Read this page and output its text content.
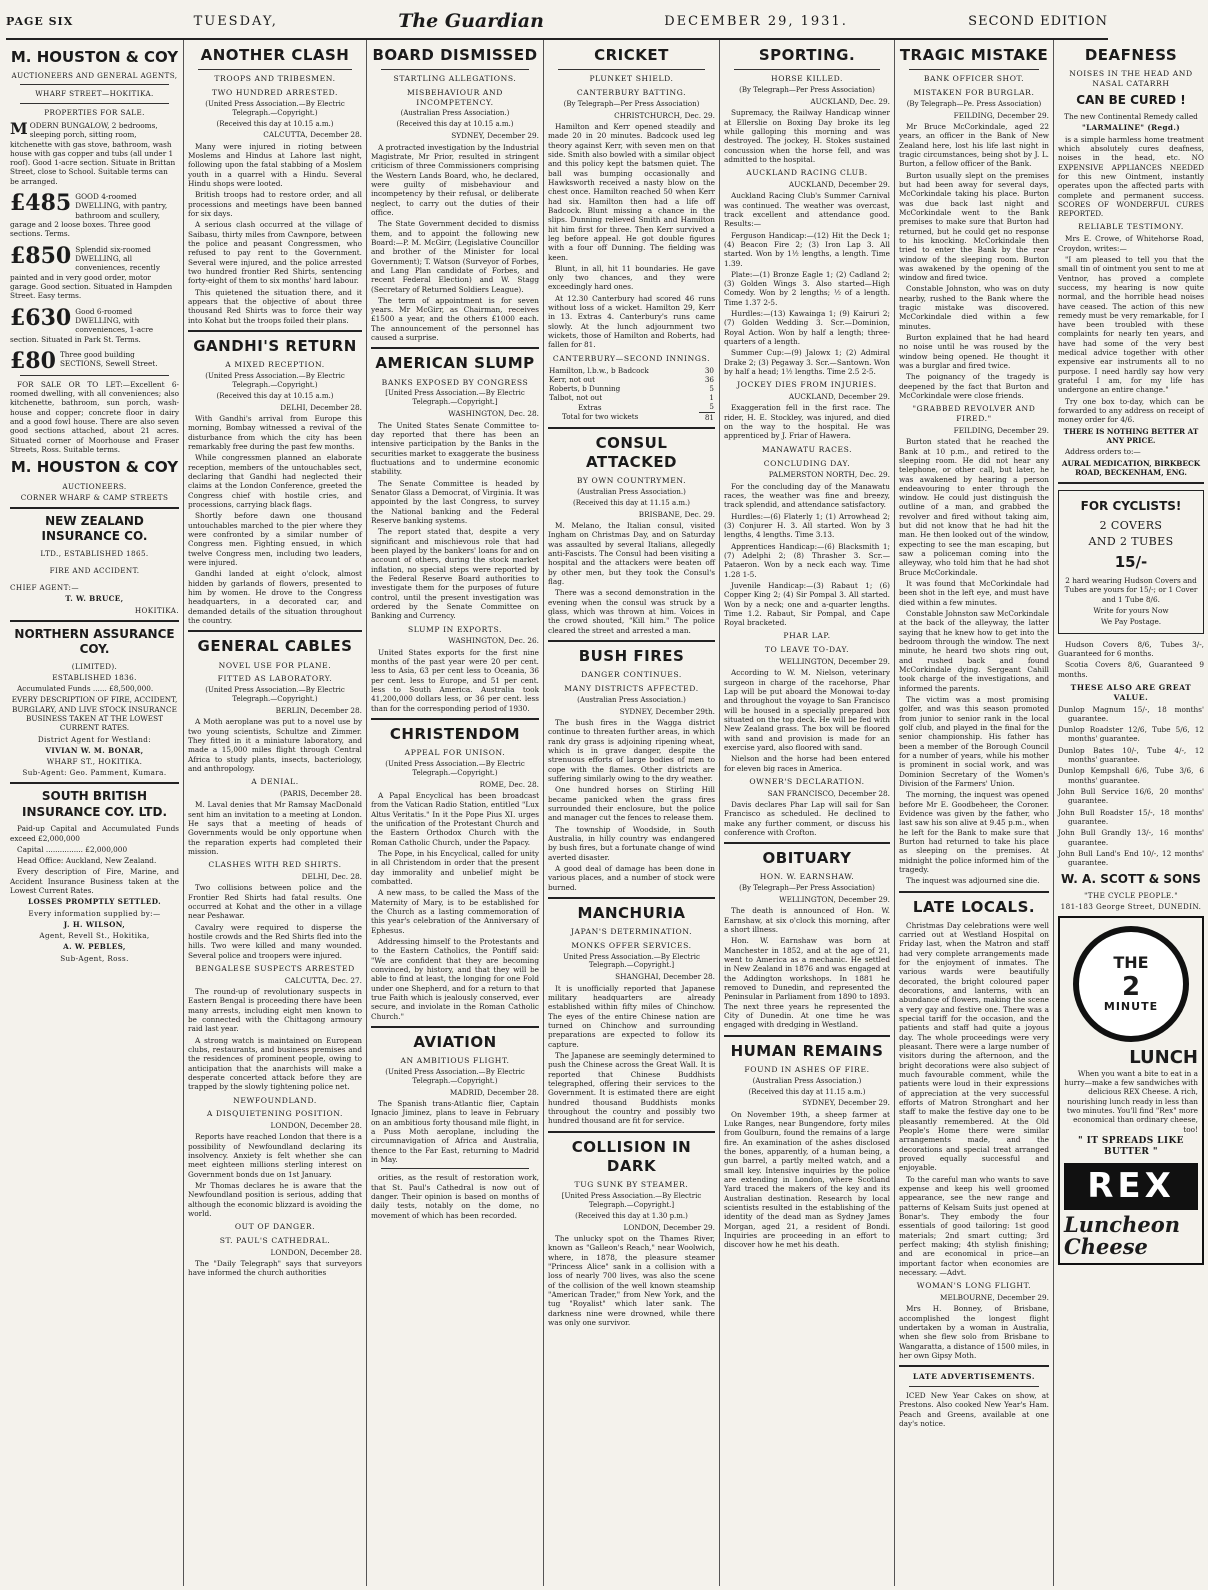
PAGE SIX	TUESDAY,	The Guardian	DECEMBER 29, 1931.	SECOND EDITION
M. HOUSTON & COY
AUCTIONEERS AND GENERAL AGENTS,
WHARF STREET—HOKITIKA.
PROPERTIES FOR SALE.
M ODERN BUNGALOW, 2 bedrooms, sleeping porch, sitting room, kitchenette with gas stove, bathroom, wash house with gas copper and tubs (all under 1 roof). Good 1-acre section. Situate in Brittan Street, close to School. Suitable terms can be arranged.
£485 GOOD 4-roomed DWELLING, with pantry, bathroom and scullery, garage and 2 loose boxes. Three good sections. Terms.
£850 Splendid six-roomed DWELLING, all conveniences, recently painted and in very good order, motor garage. Good section. Situated in Hampden Street. Easy terms.
£630 Good 6-roomed DWELLING, with conveniences, 1-acre section. Situated in Park St. Terms.
£80 Three good building SECTIONS, Sewell Street.

FOR SALE OR TO LET:—Excellent 6-roomed dwelling, with all conveniences; also kitchenette, bathroom, sun porch, wash-house and copper; concrete floor in dairy and a good fowl house. There are also seven good sections attached, about 21 acres. Situated corner of Moorhouse and Fraser Streets, Ross. Suitable terms.

M. HOUSTON & COY
AUCTIONEERS.
CORNER WHARF & CAMP STREETS
NEW ZEALAND INSURANCE CO.
LTD., ESTABLISHED 1865.
FIRE AND ACCIDENT.
CHIEF AGENT:—
T. W. BRUCE,
HOKITIKA.
NORTHERN ASSURANCE COY.
(LIMITED).
ESTABLISHED 1836.

Accumulated Funds ...... £8,500,000.

EVERY DESCRIPTION OF FIRE, ACCIDENT, BURGLARY, AND LIVE STOCK INSURANCE BUSINESS TAKEN AT THE LOWEST CURRENT RATES.

District Agent for Westland:
VIVIAN W. M. BONAR,
WHARF ST., HOKITIKA.
Sub-Agent: Geo. Pamment, Kumara.
SOUTH BRITISH INSURANCE COY. LTD.

Paid-up Capital and Accumulated Funds exceed £2,000,000

Capital ................ £2,000,000

Head Office: Auckland, New Zealand.

Every description of Fire, Marine, and Accident Insurance Business taken at the Lowest Current Rates.

LOSSES PROMPTLY SETTLED.
Every information supplied by:—
J. H. WILSON,
Agent, Revell St., Hokitika,
A. W. PEBLES,
Sub-Agent, Ross.
ANOTHER CLASH
TROOPS AND TRIBESMEN.
TWO HUNDRED ARRESTED.

(United Press Association.—By Electric Telegraph.—Copyright.)

(Received this day at 10.15 a.m.)

CALCUTTA, December 28.

Many were injured in rioting between Moslems and Hindus at Lahore last night, following upon the fatal stabbing of a Moslem youth in a quarrel with a Hindu. Several Hindu shops were looted.

British troops had to restore order, and all processions and meetings have been banned for six days.

A serious clash occurred at the village of Saibasu, thirty miles from Cawnpore, between the police and peasant Congressmen, who refused to pay rent to the Government. Several were injured, and the police arrested two hundred frontier Red Shirts, sentencing forty-eight of them to six months' hard labour.

This quietened the situation there, and it appears that the objective of about three thousand Red Shirts was to force their way into Kohat but the troops foiled their plans.

GANDHI'S RETURN
A MIXED RECEPTION.

(United Press Association.—By Electric Telegraph.—Copyright.)

(Received this day at 10.15 a.m.)

DELHI, December 28.

With Gandhi's arrival from Europe this morning, Bombay witnessed a revival of the disturbance from which the city has been remarkably free during the past few months.

While congressmen planned an elaborate reception, members of the untouchables sect, declaring that Gandhi had neglected their claims at the London Conference, greeted the Congress chief with hostile cries, and processions, carrying black flags.

Shortly before dawn one thousand untouchables marched to the pier where they were confronted by a similar number of Congress men. Fighting ensued, in which twelve Congress men, including two leaders, were injured.

Gandhi landed at eight o'clock, almost hidden by garlands of flowers, presented to him by women. He drove to the Congress headquarters, in a decorated car, and demanded details of the situation throughout the country.

GENERAL CABLES
NOVEL USE FOR PLANE.
FITTED AS LABORATORY.

(United Press Association.—By Electric Telegraph.—Copyright.)

BERLIN, December 28.

A Moth aeroplane was put to a novel use by two young scientists, Schultze and Zimmer. They fitted in it a miniature laboratory, and made a 15,000 miles flight through Central Africa to study plants, insects, bacteriology, and anthropology.

A DENIAL.

(PARIS, December 28.

M. Laval denies that Mr Ramsay MacDonald sent him an invitation to a meeting at London. He says that a meeting of heads of Governments would be only opportune when the reparation experts had completed their mission.

CLASHES WITH RED SHIRTS.

DELHI, Dec. 28.

Two collisions between police and the Frontier Red Shirts had fatal results. One occurred at Kohat and the other in a village near Peshawar.

Cavalry were required to disperse the hostile crowds and the Red Shirts fled into the hills. Two were killed and many wounded. Several police and troopers were injured.

BENGALESE SUSPECTS ARRESTED

CALCUTTA, Dec. 27.

The round-up of revolutionary suspects in Eastern Bengal is proceeding there have been many arrests, including eight men known to be connected with the Chittagong armoury raid last year.

A strong watch is maintained on European clubs, restaurants, and business premises and the residences of prominent people, owing to anticipation that the anarchists will make a desperate concerted attack before they are trapped by the slowly tightening police net.

NEWFOUNDLAND.
A DISQUIETENING POSITION.

LONDON, December 28.

Reports have reached London that there is a possibility of Newfoundland declaring its insolvency. Anxiety is felt whether she can meet eighteen millions sterling interest on Government bonds due on 1st January.

Mr Thomas declares he is aware that the Newfoundland position is serious, adding that although the economic blizzard is avoiding the world.

OUT OF DANGER.
ST. PAUL'S CATHEDRAL.

LONDON, December 28.

The "Daily Telegraph" says that surveyors have informed the church authorities

BOARD DISMISSED
STARTLING ALLEGATIONS.
MISBEHAVIOUR AND INCOMPETENCY.

(Australian Press Association.)

(Received this day at 10.15 a.m.)

SYDNEY, December 29.

A protracted investigation by the Industrial Magistrate, Mr Prior, resulted in stringent criticism of three Commissioners comprising the Western Lands Board, who, he declared, were guilty of misbehaviour and incompetency by their refusal, or deliberate neglect, to carry out the duties of their office.

The State Government decided to dismiss them, and to appoint the following new Board:—P. M. McGirr, (Legislative Councillor and brother of the Minister for local Government); T. Watson (Surveyor of Forbes, and Lang Plan candidate of Forbes, and recent Federal Election) and W. Stagg (Secretary of Returned Soldiers League).

The term of appointment is for seven years. Mr McGirr, as Chairman, receives £1500 a year, and the others £1000 each. The announcement of the personnel has caused a surprise.

AMERICAN SLUMP
BANKS EXPOSED BY CONGRESS

[United Press Association.—By Electric Telegraph.—Copyright.]

WASHINGTON, Dec. 28.

The United States Senate Committee to-day reported that there has been an intensive participation by the Banks in the securities market to exaggerate the business fluctuations and to undermine economic stability.

The Senate Committee is headed by Senator Glass a Democrat, of Virginia. It was appointed by the last Congress, to survey the National banking and the Federal Reserve banking systems.

The report stated that, despite a very significant and mischievous role that had been played by the bankers' loans for and on account of others, during the stock market inflation, no special steps were reported by the Federal Reserve Board authorities to investigate them for the purposes of future control, until the present investigation was ordered by the Senate Committee on Banking and Currency.

SLUMP IN EXPORTS.

WASHINGTON, Dec. 26.

United States exports for the first nine months of the past year were 20 per cent. less to Asia, 63 per cent less to Oceania, 36 per cent. less to Europe, and 51 per cent. less to South America. Australia took 41,200,000 dollars less, or 36 per cent. less than for the corresponding period of 1930.

CHRISTENDOM
APPEAL FOR UNISON.

(United Press Association.—By Electric Telegraph.—Copyright.)

ROME, Dec. 28.

A Papal Encyclical has been broadcast from the Vatican Radio Station, entitled "Lux Altus Veritatis." In it the Pope Pius XI. urges the unification of the Protestant Church and the Eastern Orthodox Church with the Roman Catholic Church, under the Papacy.

The Pope, in his Encyclical, called for unity in all Christendom in order that the present day immorality and unbelief might be combatted.

A new mass, to be called the Mass of the Maternity of Mary, is to be established for the Church as a lasting commemoration of this year's celebration of the Anniversary of Ephesus.

Addressing himself to the Protestants and to the Eastern Catholics, the Pontiff said: "We are confident that they are becoming convinced, by history, and that they will be able to find at least, the longing for one Fold under one Shepherd, and for a return to that true Faith which is jealously conserved, ever secure, and inviolate in the Roman Catholic Church."

AVIATION
AN AMBITIOUS FLIGHT.

(United Press Association.—By Electric Telegraph.—Copyright.)

MADRID, December 28.

The Spanish trans-Atlantic flier, Captain Ignacio Jiminez, plans to leave in February on an ambitious forty thousand mile flight, in a Puss Moth aeroplane, including the circumnavigation of Africa and Australia, thence to the Far East, returning to Madrid in May.

orities, as the result of restoration work, that St. Paul's Cathedral is now out of danger. Their opinion is based on months of daily tests, notably on the dome, no movement of which has been recorded.

CRICKET
PLUNKET SHIELD.
CANTERBURY BATTING.

(By Telegraph—Per Press Association)

CHRISTCHURCH, Dec. 29.

Hamilton and Kerr opened steadily and made 20 in 20 minutes. Badcock used leg theory against Kerr, with seven men on that side. Smith also bowled with a similar object and this policy kept the batsmen quiet. The ball was bumping occasionally and Hawksworth received a nasty blow on the chest once. Hamilton reached 50 when Kerr had six. Hamilton then had a life off Badcock. Blunt missing a chance in the slips. Dunning relieved Smith and Hamilton hit him first for three. Then Kerr survived a leg before appeal. He got double figures with a four off Dunning. The fielding was keen.

Blunt, in all, hit 11 boundaries. He gave only two chances, and they were exceedingly hard ones.

At 12.30 Canterbury had scored 46 runs without loss of a wicket. Hamilton 29, Kerr in 13. Extras 4. Canterbury's runs came slowly. At the lunch adjournment two wickets, those of Hamilton and Roberts, had fallen for 81.

CANTERBURY—SECOND INNINGS.
Hamilton, l.b.w., b Badcock	30
Kerr, not out	36
Roberts, b Dunning	5
Talbot, not out	1
Extras	5
Total for two wickets	81
CONSUL ATTACKED
BY OWN COUNTRYMEN.

(Australian Press Association.)

(Received this day at 11.15 a.m.)

BRISBANE, Dec. 29.

M. Melano, the Italian consul, visited Ingham on Christmas Day, and on Saturday was assaulted by several Italians, allegedly anti-Fascists. The Consul had been visiting a hospital and the attackers were beaten off by other men, but they took the Consul's flag.

There was a second demonstration in the evening when the consul was struck by a glass, which was thrown at him. Voices in the crowd shouted, "Kill him." The police cleared the street and arrested a man.

BUSH FIRES
DANGER CONTINUES.
MANY DISTRICTS AFFECTED.

(Australian Press Association.)

SYDNEY, December 29th.

The bush fires in the Wagga district continue to threaten further areas, in which rank dry grass is adjoining ripening wheat, which is in grave danger, despite the strenuous efforts of large bodies of men to cope with the flames. Other districts are suffering similarly owing to the dry weather.

One hundred horses on Stirling Hill became panicked when the grass fires surrounded their enclosure, but the police and manager cut the fences to release them.

The township of Woodside, in South Australia, in hilly country was endangered by bush fires, but a fortunate change of wind averted disaster.

A good deal of damage has been done in various places, and a number of stock were burned.

MANCHURIA
JAPAN'S DETERMINATION.
MONKS OFFER SERVICES.

United Press Association.—By Electric Telegraph.—Copyright.]

SHANGHAI, December 28.

It is unofficially reported that Japanese military headquarters are already established within fifty miles of Chinchow. The eyes of the entire Chinese nation are turned on Chinchow and surrounding preparations are expected to follow its capture.

The Japanese are seemingly determined to push the Chinese across the Great Wall. It is reported that Chinese Buddhists telegraphed, offering their services to the Government. It is estimated there are eight hundred thousand Buddhists monks throughout the country and possibly two hundred thousand are fit for service.

COLLISION IN DARK
TUG SUNK BY STEAMER.

[United Press Association.—By Electric Telegraph.—Copyright.]

(Received this day at 1.30 p.m.)

LONDON, December 29.

The unlucky spot on the Thames River, known as "Galleon's Reach," near Woolwich, where, in 1878, the pleasure steamer "Princess Alice" sank in a collision with a loss of nearly 700 lives, was also the scene of the collision of the well known steamship "American Trader," from New York, and the tug "Royalist" which later sank. The darkness nine were drowned, while there was only one survivor.

SPORTING.
HORSE KILLED.

(By Telegraph—Per Press Association)

AUCKLAND, Dec. 29.

Supremacy, the Railway Handicap winner at Ellerslie on Boxing Day broke its leg while galloping this morning and was destroyed. The jockey, H. Stokes sustained concussion when the horse fell, and was admitted to the hospital.

AUCKLAND RACING CLUB.

AUCKLAND, December 29.

Auckland Racing Club's Summer Carnival was continued. The weather was overcast, track excellent and attendance good. Results:—

Ferguson Handicap:—(12) Hit the Deck 1; (4) Beacon Fire 2; (3) Iron Lap 3. All started. Won by 1½ lengths, a length. Time 1.39.

Plate:—(1) Bronze Eagle 1; (2) Cadland 2; (3) Golden Wings 3. Also started—High Comedy. Won by 2 lengths; ½ of a length. Time 1.37 2-5.

Hurdles:—(13) Kawainga 1; (9) Kairuri 2; (7) Golden Wedding 3. Scr.—Dominion, Royal Action. Won by half a length; three-quarters of a length.

Summer Cup:—(9) Jalowx 1; (2) Admiral Drake 2; (3) Pegaway 3. Scr.—Santown. Won by half a head; 1½ lengths. Time 2.5 2-5.

JOCKEY DIES FROM INJURIES.

AUCKLAND, December 29.

Exaggeration fell in the first race. The rider, H. E. Stockley, was injured, and died on the way to the hospital. He was apprenticed by J. Friar of Hawera.

MANAWATU RACES.
CONCLUDING DAY.

PALMERSTON NORTH, Dec. 29.

For the concluding day of the Manawatu races, the weather was fine and breezy, track splendid, and attendance satisfactory.

Hurdles:—(6) Flaterly 1; (1) Arrowhead 2; (3) Conjurer H. 3. All started. Won by 3 lengths, 4 lengths. Time 3.13.

Apprentices Handicap:—(6) Blacksmith 1; (7) Adelphi 2; (8) Thrasher 3. Scr.—Pataeron. Won by a neck each way. Time 1.28 1-5.

Juvenile Handicap:—(3) Rabaut 1; (6) Copper King 2; (4) Sir Pompal 3. All started. Won by a neck; one and a-quarter lengths. Time 1.2. Rabaut, Sir Pompal, and Cape Royal bracketed.

PHAR LAP.
TO LEAVE TO-DAY.

WELLINGTON, December 29.

According to W. M. Nielson, veterinary surgeon in charge of the racehorse, Phar Lap will be put aboard the Monowai to-day and throughout the voyage to San Francisco will be housed in a specially prepared box situated on the top deck. He will be fed with New Zealand grass. The box will be floored with sand and provision is made for an exercise yard, also floored with sand.

Nielson and the horse had been entered for eleven big races in America.

OWNER'S DECLARATION.

SAN FRANCISCO, December 28.

Davis declares Phar Lap will sail for San Francisco as scheduled. He declined to make any further comment, or discuss his conference with Crofton.

OBITUARY
HON. W. EARNSHAW.

(By Telegraph—Per Press Association)

WELLINGTON, December 29.

The death is announced of Hon. W. Earnshaw, at six o'clock this morning, after a short illness.

Hon. W. Earnshaw was born at Manchester in 1852, and at the age of 21, went to America as a mechanic. He settled in New Zealand in 1876 and was engaged at the Addington workshops. In 1881 he removed to Dunedin, and represented the Peninsular in Parliament from 1890 to 1893. The next three years he represented the City of Dunedin. At one time he was engaged with dredging in Westland.

HUMAN REMAINS
FOUND IN ASHES OF FIRE.

(Australian Press Association.)

(Received this day at 11.15 a.m.)

SYDNEY, December 29.

On November 19th, a sheep farmer at Luke Ranges, near Bungendore, forty miles from Goulburn, found the remains of a large fire. An examination of the ashes disclosed the bones, apparently, of a human being, a gun barrel, a partly melted watch, and a small key. Intensive inquiries by the police are extending in London, where Scotland Yard traced the makers of the key and its Australian destination. Research by local scientists resulted in the establishing of the identity of the dead man as Sydney James Morgan, aged 21, a resident of Bondi. Inquiries are proceeding in an effort to discover how he met his death.

TRAGIC MISTAKE
BANK OFFICER SHOT.
MISTAKEN FOR BURGLAR.

(By Telegraph—Pe. Press Association)

FEILDING, December 29.

Mr Bruce McCorkindale, aged 22 years, an officer in the Bank of New Zealand here, lost his life last night in tragic circumstances, being shot by J. L. Burton, a fellow officer of the Bank.

Burton usually slept on the premises but had been away for several days, McCorkindale taking his place. Burton was due back last night and McCorkindale went to the Bank premises to make sure that Burton had returned, but he could get no response to his knocking. McCorkindale then tried to enter the Bank by the rear window of the sleeping room. Burton was awakened by the opening of the window and fired twice.

Constable Johnston, who was on duty nearby, rushed to the Bank where the tragic mistake was discovered. McCorkindale died within a few minutes.

Burton explained that he had heard no noise until he was roused by the window being opened. He thought it was a burglar and fired twice.

The poignancy of the tragedy is deepened by the fact that Burton and McCorkindale were close friends.

"GRABBED REVOLVER AND FIRED."

FEILDING, December 29.

Burton stated that he reached the Bank at 10 p.m., and retired to the sleeping room. He did not hear any telephone, or other call, but later, he was awakened by hearing a person endeavouring to enter through the window. He could just distinguish the outline of a man, and grabbed the revolver and fired without taking aim, but did not know that he had hit the man. He then looked out of the window, expecting to see the man escaping, but saw a policeman coming into the alleyway, who told him that he had shot Bruce McCorkindale.

It was found that McCorkindale had been shot in the left eye, and must have died within a few minutes.

Constable Johnston saw McCorkindale at the back of the alleyway, the latter saying that he knew how to get into the bedroom through the window. The next minute, he heard two shots ring out, and rushed back and found McCorkindale dying. Sergeant Cahill took charge of the investigations, and informed the parents.

The victim was a most promising golfer, and was this season promoted from junior to senior rank in the local golf club, and played in the final for the senior championship. His father has been a member of the Borough Council for a number of years, while his mother is prominent in social work, and was Dominion Secretary of the Women's Division of the Farmers' Union.

The morning, the inquest was opened before Mr E. Goodbeheer, the Coroner. Evidence was given by the father, who last saw his son alive at 9.45 p.m., when he left for the Bank to make sure that Burton had returned to take his place as sleeping on the premises. At midnight the police informed him of the tragedy.

The inquest was adjourned sine die.

LATE LOCALS.

Christmas Day celebrations were well carried out at Westland Hospital on Friday last, when the Matron and staff had very complete arrangements made for the enjoyment of inmates. The various wards were beautifully decorated, the bright coloured paper decorations, and lanterns, with an abundance of flowers, making the scene a very gay and festive one. There was a special tariff for the occasion, and the patients and staff had quite a joyous day. The whole proceedings were very pleasant. There were a large number of visitors during the afternoon, and the bright decorations were also subject of much favourable comment, while the patients were loud in their expressions of appreciation at the very successful efforts of Matron Stronghart and her staff to make the festive day one to be pleasantly remembered. At the Old People's Home there were similar arrangements made, and the decorations and special treat arranged proved equally successful and enjoyable.

To the careful man who wants to save expense and keep his well groomed appearance, see the new range and patterns of Kelsam Suits just opened at Bonar's. They embody the four essentials of good tailoring: 1st good materials; 2nd smart cutting; 3rd perfect making; 4th stylish finishing; and are economical in price—an important factor when economies are necessary. —Advt.

WOMAN'S LONG FLIGHT.

MELBOURNE, December 29.

Mrs H. Bonney, of Brisbane, accomplished the longest flight undertaken by a woman in Australia, when she flew solo from Brisbane to Wangaratta, a distance of 1500 miles, in her own Gipsy Moth.

LATE ADVERTISEMENTS.

ICED New Year Cakes on show, at Prestons. Also cooked New Year's Ham. Peach and Greens, available at one day's notice.

DEAFNESS
NOISES IN THE HEAD AND NASAL CATARRH
CAN BE CURED !

The new Continental Remedy called

"LARMALINE" (Regd.)

is a simple harmless home treatment which absolutely cures deafness, noises in the head, etc. NO EXPENSIVE APPLIANCES NEEDED for this new Ointment, instantly operates upon the affected parts with complete and permanent success. SCORES OF WONDERFUL CURES REPORTED.

RELIABLE TESTIMONY.

Mrs E. Crowe, of Whitehorse Road, Croydon, writes:—

"I am pleased to tell you that the small tin of ointment you sent to me at Ventnor, has proved a complete success, my hearing is now quite normal, and the horrible head noises have ceased. The action of this new remedy must be very remarkable, for I have been troubled with these complaints for nearly ten years, and have had some of the very best medical advice together with other expensive ear instruments all to no purpose. I need hardly say how very grateful I am, for my life has undergone an entire change."

Try one box to-day, which can be forwarded to any address on receipt of money order for 4/6.

THERE IS NOTHING BETTER AT ANY PRICE.

Address orders to:—

AURAL MEDICATION, BIRKBECK ROAD, BECKENHAM, ENG.

FOR CYCLISTS!
2 COVERS
AND 2 TUBES
15/-

2 hard wearing Hudson Covers and Tubes are yours for 15/-; or 1 Cover and 1 Tube 8/6.

Write for yours Now

We Pay Postage.

Hudson Covers 8/6, Tubes 3/-, Guaranteed for 6 months.

Scotia Covers 8/6, Guaranteed 9 months.

THESE ALSO ARE GREAT VALUE.

Dunlop Magnum 15/-, 18 months' guarantee.

Dunlop Roadster 12/6, Tube 5/6, 12 months' guarantee.

Dunlop Bates 10/-, Tube 4/-, 12 months' guarantee.

Dunlop Kempshall 6/6, Tube 3/6, 6 months' guarantee.

John Bull Service 16/6, 20 months' guarantee.

John Bull Roadster 15/-, 18 months' guarantee.

John Bull Grandly 13/-, 16 months' guarantee.

John Bull Land's End 10/-, 12 months' guarantee.

W. A. SCOTT & SONS
"THE CYCLE PEOPLE."
181-183 George Street, DUNEDIN.
THE
2
MINUTE
LUNCH

When you want a bite to eat in a hurry—make a few sandwiches with delicious REX Cheese. A rich, nourishing lunch ready in less than two minutes. You'll find "Rex" more economical than ordinary cheese, too!

" IT SPREADS LIKE BUTTER "
REX
Luncheon
Cheese
